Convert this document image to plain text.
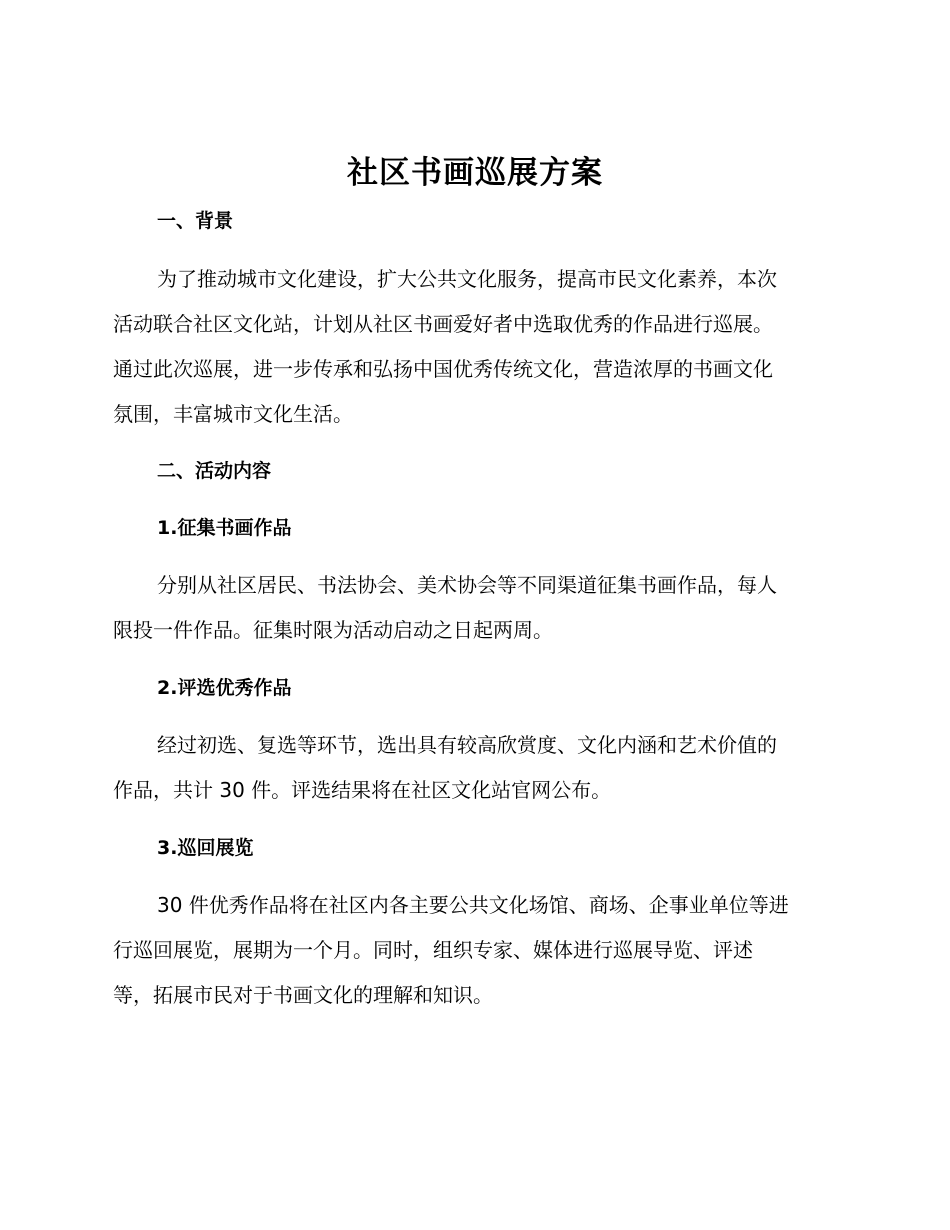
社区书画巡展方案
一、背景
为了推动城市文化建设，扩大公共文化服务，提高市民文化素养，本次
活动联合社区文化站，计划从社区书画爱好者中选取优秀的作品进行巡展。
通过此次巡展，进一步传承和弘扬中国优秀传统文化，营造浓厚的书画文化
氛围，丰富城市文化生活。
二、活动内容
1.征集书画作品
分别从社区居民、书法协会、美术协会等不同渠道征集书画作品，每人
限投一件作品。征集时限为活动启动之日起两周。
2.评选优秀作品
经过初选、复选等环节，选出具有较高欣赏度、文化内涵和艺术价值的
作品，共计 30 件。评选结果将在社区文化站官网公布。
3.巡回展览
30 件优秀作品将在社区内各主要公共文化场馆、商场、企事业单位等进
行巡回展览，展期为一个月。同时，组织专家、媒体进行巡展导览、评述
等，拓展市民对于书画文化的理解和知识。
